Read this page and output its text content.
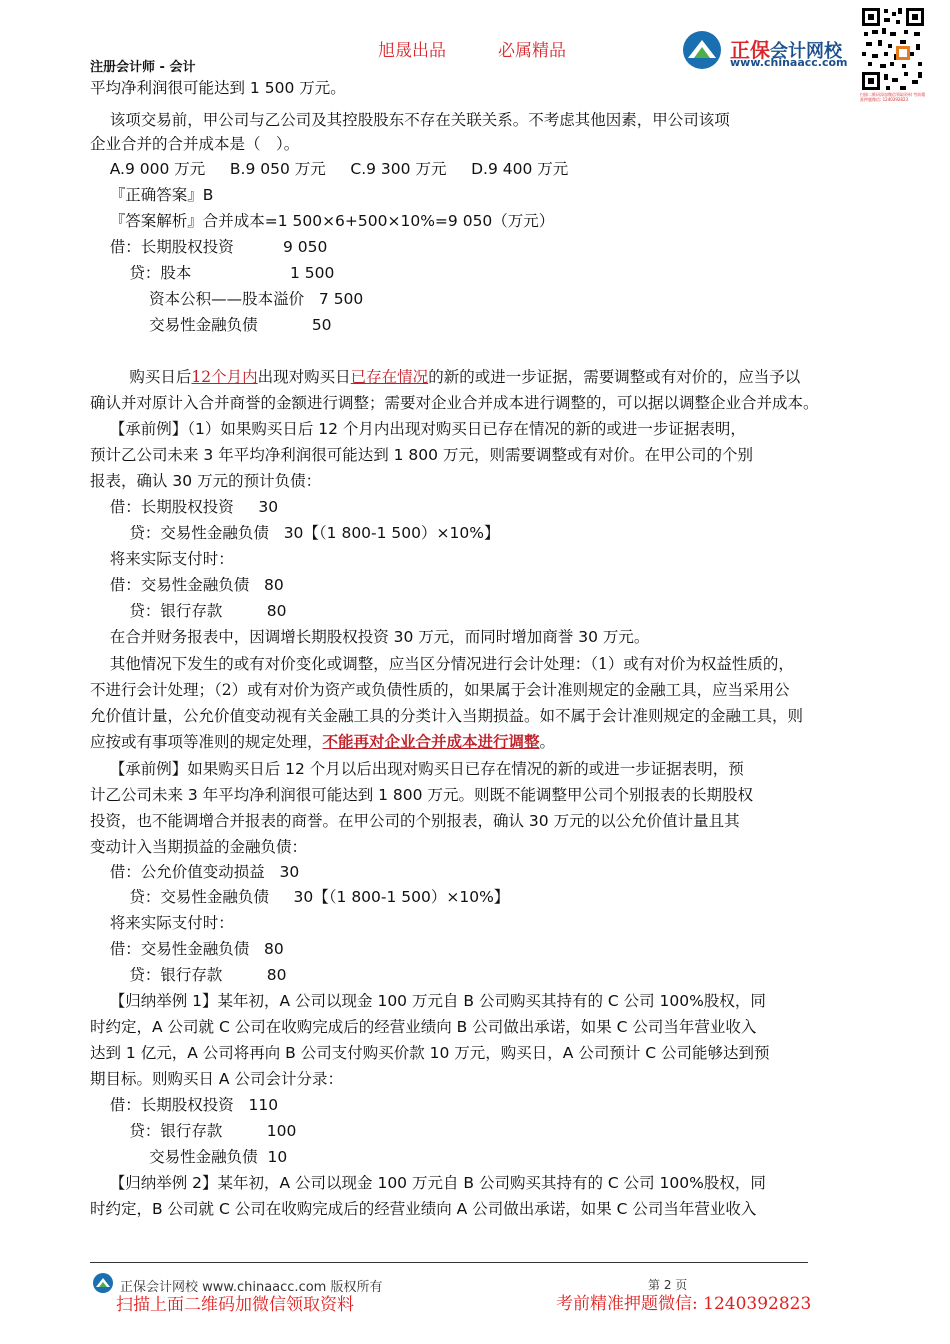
旭晟出品	必属精品
注册会计师 - 会计
正保会计网校
www.chinaacc.com
扫描二维码添加微信领取资料 考前精准押题微信: 1240392823
平均净利润很可能达到 1 500 万元。
该项交易前，甲公司与乙公司及其控股股东不存在关联关系。不考虑其他因素，甲公司该项
企业合并的合并成本是（　）。
A.9 000 万元     B.9 050 万元     C.9 300 万元     D.9 400 万元
『正确答案』B
『答案解析』合并成本=1 500×6+500×10%=9 050（万元）
借：长期股权投资          9 050
贷：股本                    1 500
资本公积——股本溢价   7 500
交易性金融负债           50
购买日后12个月内出现对购买日已存在情况的新的或进一步证据，需要调整或有对价的，应当予以
确认并对原计入合并商誉的金额进行调整；需要对企业合并成本进行调整的，可以据以调整企业合并成本。
【承前例】（1）如果购买日后 12 个月内出现对购买日已存在情况的新的或进一步证据表明，
预计乙公司未来 3 年平均净利润很可能达到 1 800 万元，则需要调整或有对价。在甲公司的个别
报表，确认 30 万元的预计负债：
借：长期股权投资     30
贷：交易性金融负债   30【（1 800-1 500）×10%】
将来实际支付时：
借：交易性金融负债   80
贷：银行存款         80
在合并财务报表中，因调增长期股权投资 30 万元，而同时增加商誉 30 万元。
其他情况下发生的或有对价变化或调整，应当区分情况进行会计处理：（1）或有对价为权益性质的，
不进行会计处理；（2）或有对价为资产或负债性质的，如果属于会计准则规定的金融工具，应当采用公
允价值计量，公允价值变动视有关金融工具的分类计入当期损益。如不属于会计准则规定的金融工具，则
应按或有事项等准则的规定处理，不能再对企业合并成本进行调整。
【承前例】如果购买日后 12 个月以后出现对购买日已存在情况的新的或进一步证据表明，预
计乙公司未来 3 年平均净利润很可能达到 1 800 万元。则既不能调整甲公司个别报表的长期股权
投资，也不能调增合并报表的商誉。在甲公司的个别报表，确认 30 万元的以公允价值计量且其
变动计入当期损益的金融负债：
借：公允价值变动损益   30
贷：交易性金融负债     30【（1 800-1 500）×10%】
将来实际支付时：
借：交易性金融负债   80
贷：银行存款         80
【归纳举例 1】某年初，A 公司以现金 100 万元自 B 公司购买其持有的 C 公司 100%股权，同
时约定，A 公司就 C 公司在收购完成后的经营业绩向 B 公司做出承诺，如果 C 公司当年营业收入
达到 1 亿元，A 公司将再向 B 公司支付购买价款 10 万元，购买日，A 公司预计 C 公司能够达到预
期目标。则购买日 A 公司会计分录：
借：长期股权投资   110
贷：银行存款         100
交易性金融负债  10
【归纳举例 2】某年初，A 公司以现金 100 万元自 B 公司购买其持有的 C 公司 100%股权，同
时约定，B 公司就 C 公司在收购完成后的经营业绩向 A 公司做出承诺，如果 C 公司当年营业收入
正保会计网校 www.chinaacc.com 版权所有
扫描上面二维码加微信领取资料
第 2 页
考前精准押题微信: 1240392823
